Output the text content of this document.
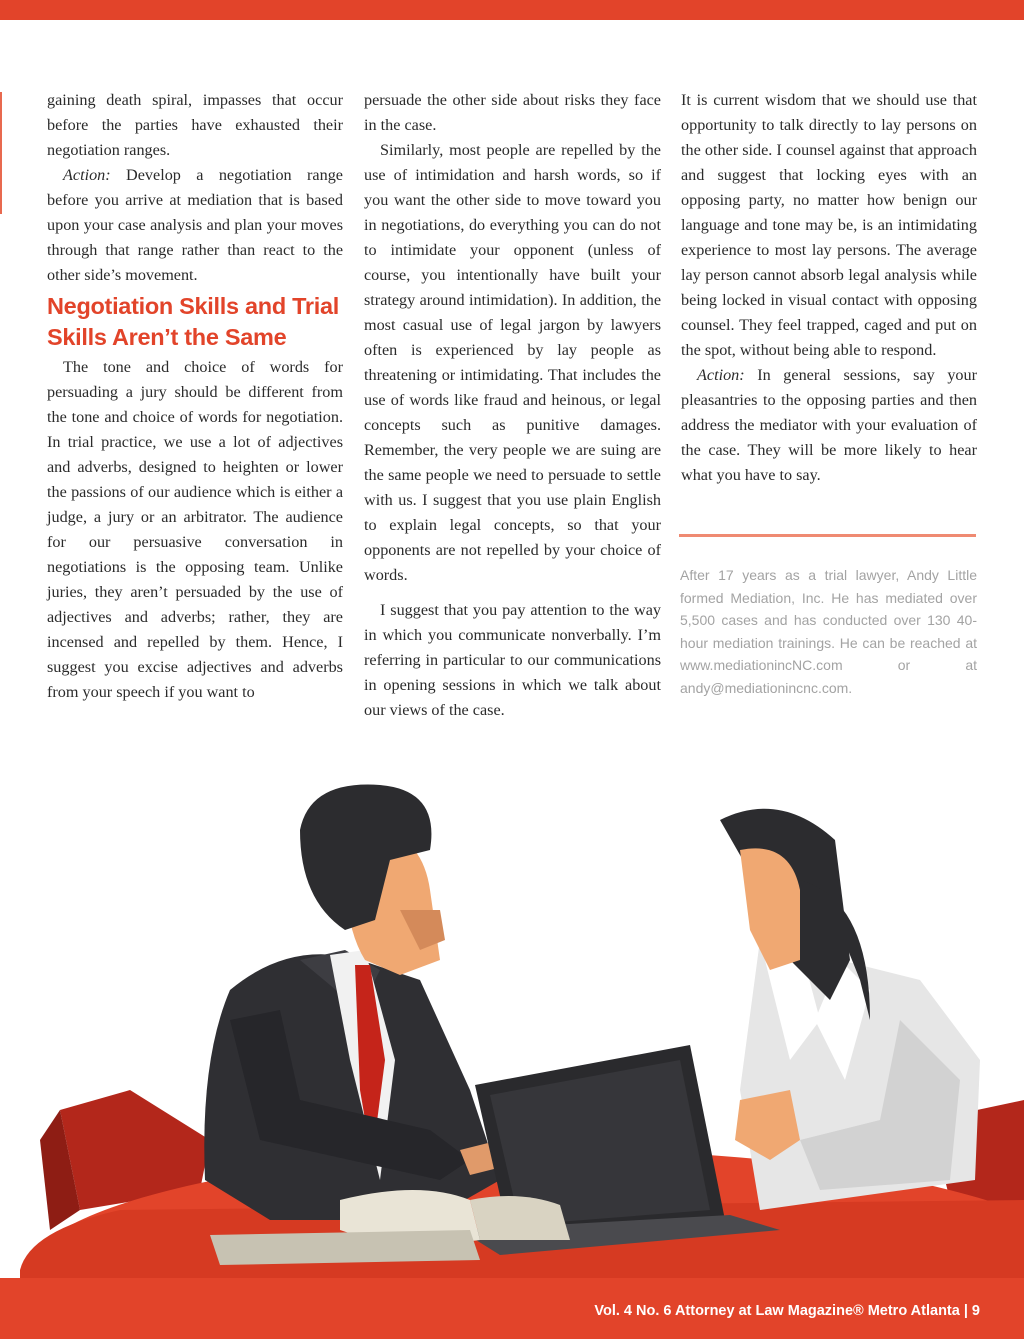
gaining death spiral, impasses that occur before the parties have exhausted their negotiation ranges.

Action: Develop a negotiation range before you arrive at mediation that is based upon your case analysis and plan your moves through that range rather than react to the other side’s movement.

Negotiation Skills and Trial Skills Aren’t the Same

The tone and choice of words for persuading a jury should be different from the tone and choice of words for negotiation. In trial practice, we use a lot of adjectives and adverbs, designed to heighten or lower the passions of our audience which is either a judge, a jury or an arbitrator. The audience for our persuasive conversation in negotiations is the opposing team. Unlike juries, they aren’t persuaded by the use of adjectives and adverbs; rather, they are incensed and repelled by them. Hence, I suggest you excise adjectives and adverbs from your speech if you want to

persuade the other side about risks they face in the case.

Similarly, most people are repelled by the use of intimidation and harsh words, so if you want the other side to move toward you in negotiations, do everything you can do not to intimidate your opponent (unless of course, you intentionally have built your strategy around intimidation). In addition, the most casual use of legal jargon by lawyers often is experienced by lay people as threatening or intimidating. That includes the use of words like fraud and heinous, or legal concepts such as punitive damages. Remember, the very people we are suing are the same people we need to persuade to settle with us. I suggest that you use plain English to explain legal concepts, so that your opponents are not repelled by your choice of words.

I suggest that you pay attention to the way in which you communicate nonverbally. I’m referring in particular to our communications in opening sessions in which we talk about our views of the case.

It is current wisdom that we should use that opportunity to talk directly to lay persons on the other side. I counsel against that approach and suggest that locking eyes with an opposing party, no matter how benign our language and tone may be, is an intimidating experience to most lay persons. The average lay person cannot absorb legal analysis while being locked in visual contact with opposing counsel. They feel trapped, caged and put on the spot, without being able to respond.

Action: In general sessions, say your pleasantries to the opposing parties and then address the mediator with your evaluation of the case. They will be more likely to hear what you have to say.

After 17 years as a trial lawyer, Andy Little formed Mediation, Inc. He has mediated over 5,500 cases and has conducted over 130 40-hour mediation trainings. He can be reached at www.mediationincNC.com or at andy@mediationincnc.com.

Vol. 4 No. 6 Attorney at Law Magazine® Metro Atlanta | 9
